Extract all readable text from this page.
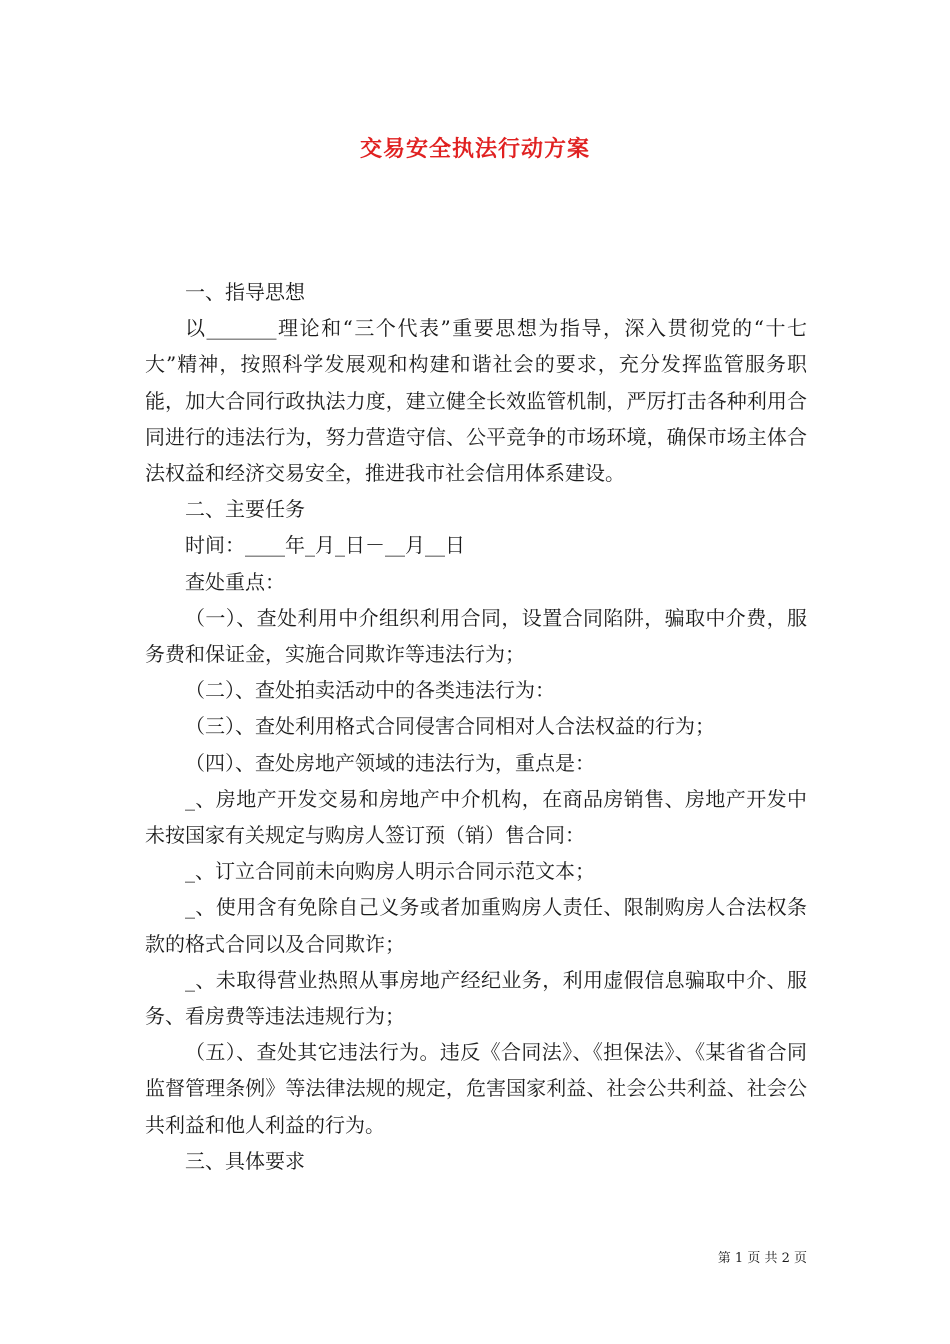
交易安全执法行动方案

一、指导思想

以_______理论和“三个代表”重要思想为指导，深入贯彻党的“十七大”精神，按照科学发展观和构建和谐社会的要求，充分发挥监管服务职能，加大合同行政执法力度，建立健全长效监管机制，严厉打击各种利用合同进行的违法行为，努力营造守信、公平竞争的市场环境，确保市场主体合法权益和经济交易安全，推进我市社会信用体系建设。

二、主要任务

时间：____年_月_日－__月__日

查处重点：

（一）、查处利用中介组织利用合同，设置合同陷阱，骗取中介费，服务费和保证金，实施合同欺诈等违法行为；

（二）、查处拍卖活动中的各类违法行为：

（三）、查处利用格式合同侵害合同相对人合法权益的行为；

（四）、查处房地产领域的违法行为，重点是：

_、房地产开发交易和房地产中介机构，在商品房销售、房地产开发中未按国家有关规定与购房人签订预（销）售合同：

_、订立合同前未向购房人明示合同示范文本；

_、使用含有免除自己义务或者加重购房人责任、限制购房人合法权条款的格式合同以及合同欺诈；

_、未取得营业热照从事房地产经纪业务，利用虚假信息骗取中介、服务、看房费等违法违规行为；

（五）、查处其它违法行为。违反《合同法》、《担保法》、《某省省合同监督管理条例》等法律法规的规定，危害国家利益、社会公共利益、社会公共利益和他人利益的行为。

三、具体要求

第 1 页 共 2 页
